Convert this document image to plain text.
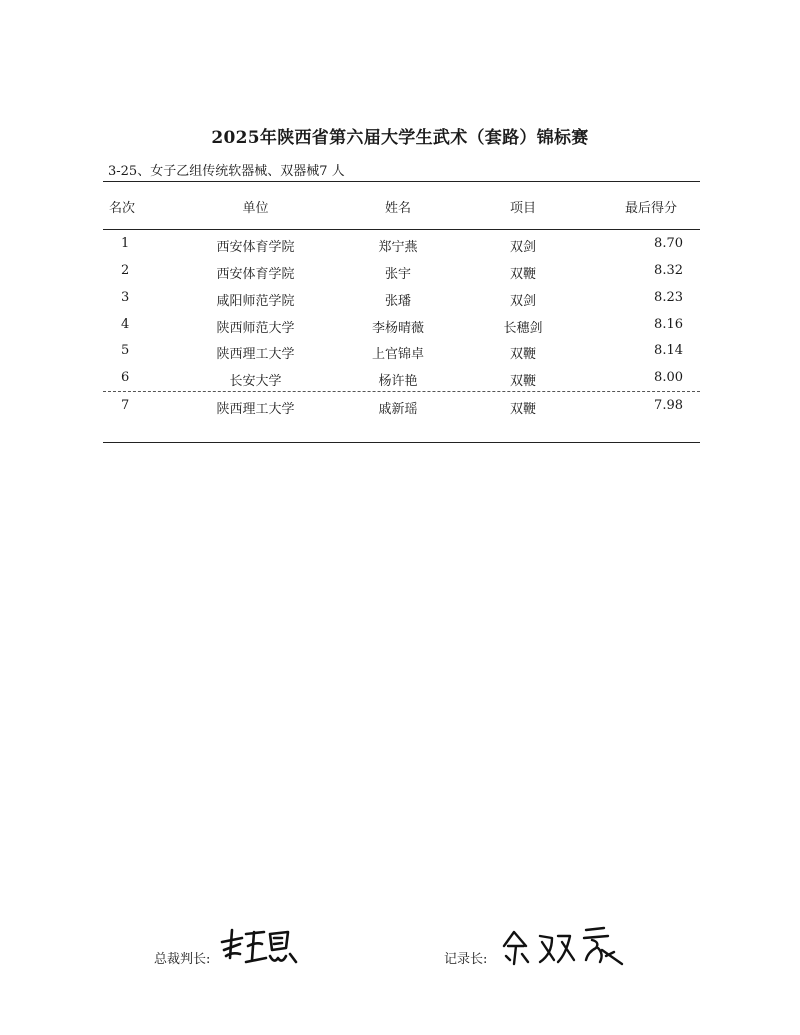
2025年陕西省第六届大学生武术（套路）锦标赛
3-25、女子乙组传统软器械、双器械7 人
名次	单位	姓名	项目	最后得分
1	西安体育学院	郑宁燕	双剑	8.70
2	西安体育学院	张宇	双鞭	8.32
3	咸阳师范学院	张璠	双剑	8.23
4	陕西师范大学	李杨晴薇	长穗剑	8.16
5	陕西理工大学	上官锦卓	双鞭	8.14
6	长安大学	杨许艳	双鞭	8.00
7	陕西理工大学	戚新瑶	双鞭	7.98
总裁判长:	记录长:
